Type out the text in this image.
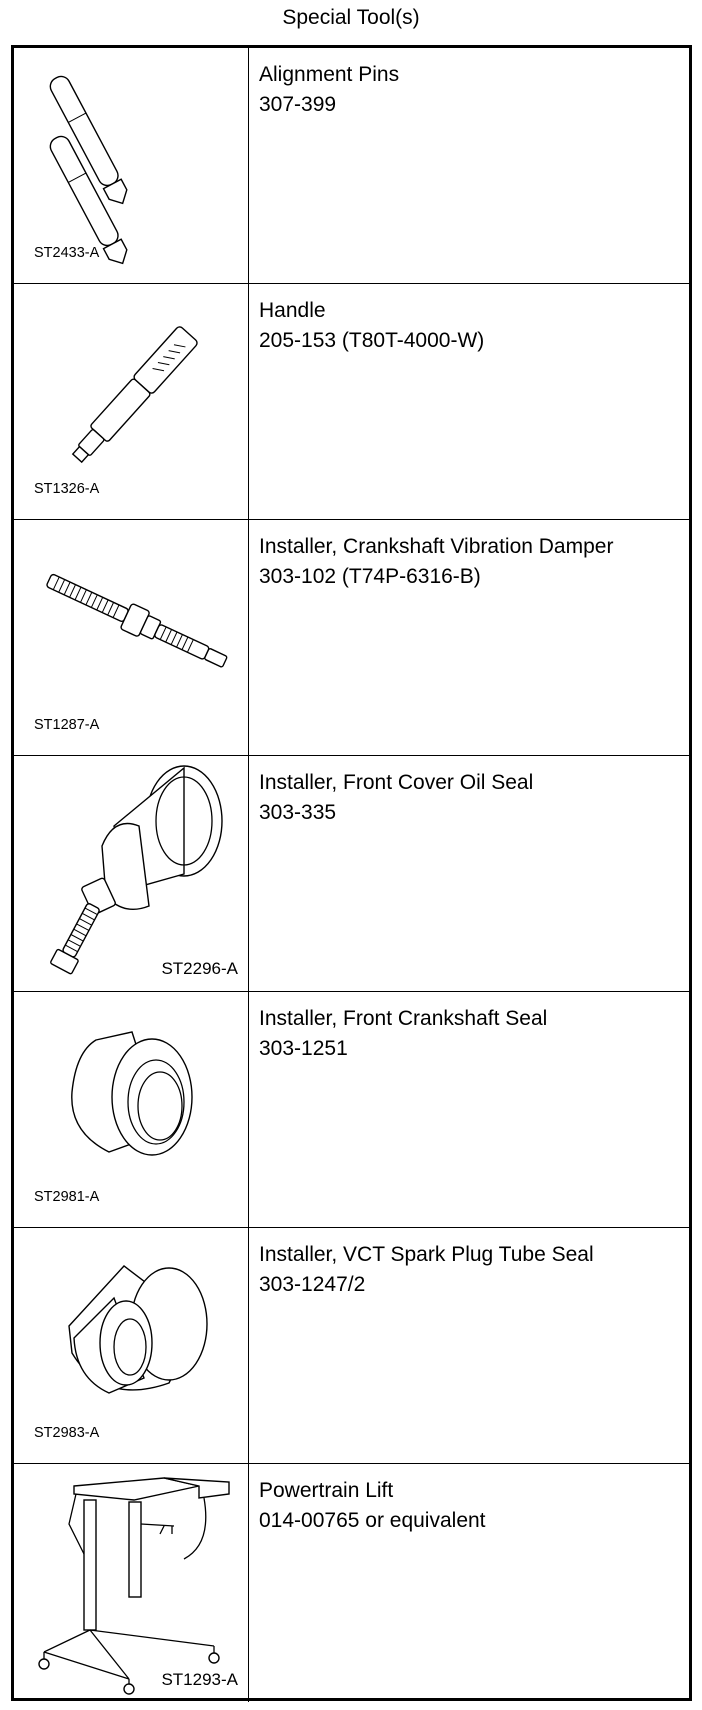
Special Tool(s)
ST2433-A
Alignment Pins
307-399
ST1326-A
Handle
205-153 (T80T-4000-W)
ST1287-A
Installer, Crankshaft Vibration Damper
303-102 (T74P-6316-B)
ST2296-A
Installer, Front Cover Oil Seal
303-335
ST2981-A
Installer, Front Crankshaft Seal
303-1251
ST2983-A
Installer, VCT Spark Plug Tube Seal
303-1247/2
ST1293-A
Powertrain Lift
014-00765 or equivalent
